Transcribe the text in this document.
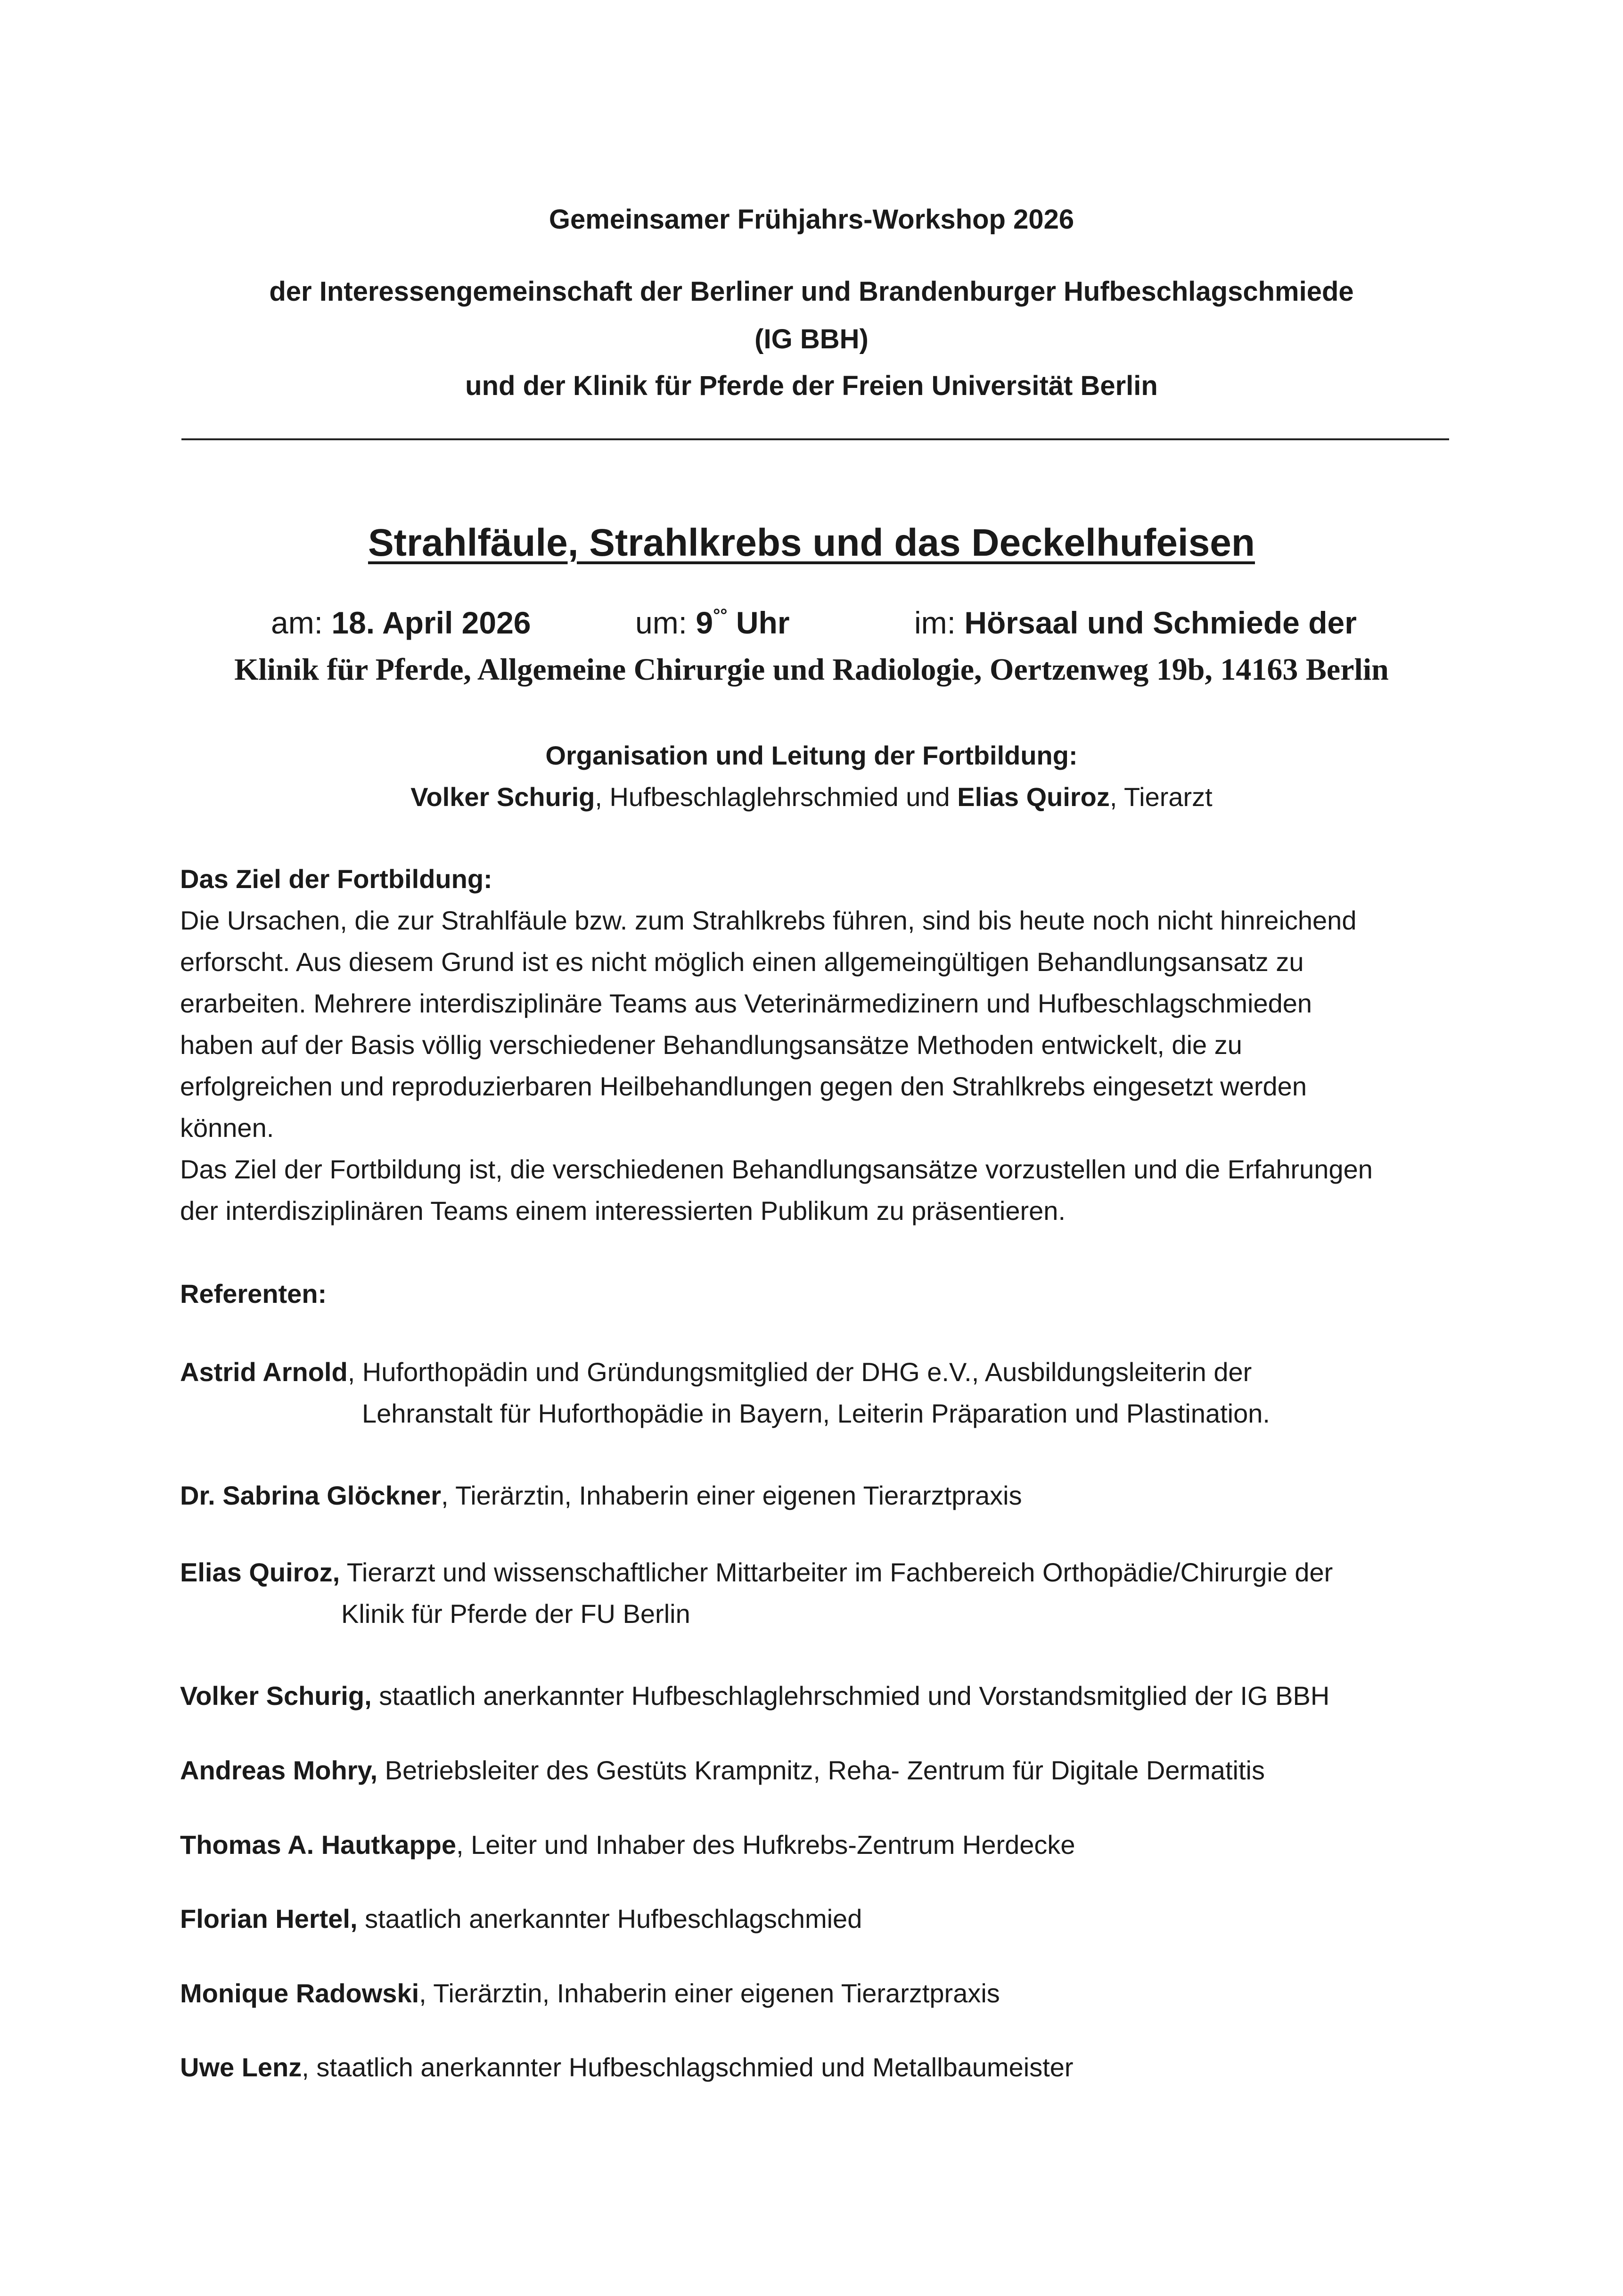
Gemeinsamer Frühjahrs-Workshop 2026
der Interessengemeinschaft der Berliner und Brandenburger Hufbeschlagschmiede
(IG BBH)
und der Klinik für Pferde der Freien Universität Berlin
Strahlfäule, Strahlkrebs und das Deckelhufeisen
am: 18. April 2026	um: 9°° Uhr	im: Hörsaal und Schmiede der
Klinik für Pferde, Allgemeine Chirurgie und Radiologie, Oertzenweg 19b, 14163 Berlin
Organisation und Leitung der Fortbildung:
Volker Schurig, Hufbeschlaglehrschmied und Elias Quiroz, Tierarzt
Das Ziel der Fortbildung:
Die Ursachen, die zur Strahlfäule bzw. zum Strahlkrebs führen, sind bis heute noch nicht hinreichend
erforscht. Aus diesem Grund ist es nicht möglich einen allgemeingültigen Behandlungsansatz zu
erarbeiten. Mehrere interdisziplinäre Teams aus Veterinärmedizinern und Hufbeschlagschmieden
haben auf der Basis völlig verschiedener Behandlungsansätze Methoden entwickelt, die zu
erfolgreichen und reproduzierbaren Heilbehandlungen gegen den Strahlkrebs eingesetzt werden
können.
Das Ziel der Fortbildung ist, die verschiedenen Behandlungsansätze vorzustellen und die Erfahrungen
der interdisziplinären Teams einem interessierten Publikum zu präsentieren.
Referenten:
Astrid Arnold, Huforthopädin und Gründungsmitglied der DHG e.V., Ausbildungsleiterin der
Lehranstalt für Huforthopädie in Bayern, Leiterin Präparation und Plastination.
Dr. Sabrina Glöckner, Tierärztin, Inhaberin einer eigenen Tierarztpraxis
Elias Quiroz, Tierarzt und wissenschaftlicher Mittarbeiter im Fachbereich Orthopädie/Chirurgie der
Klinik für Pferde der FU Berlin
Volker Schurig, staatlich anerkannter Hufbeschlaglehrschmied und Vorstandsmitglied der IG BBH
Andreas Mohry, Betriebsleiter des Gestüts Krampnitz, Reha- Zentrum für Digitale Dermatitis
Thomas A. Hautkappe, Leiter und Inhaber des Hufkrebs-Zentrum Herdecke
Florian Hertel, staatlich anerkannter Hufbeschlagschmied
Monique Radowski, Tierärztin, Inhaberin einer eigenen Tierarztpraxis
Uwe Lenz, staatlich anerkannter Hufbeschlagschmied und Metallbaumeister
